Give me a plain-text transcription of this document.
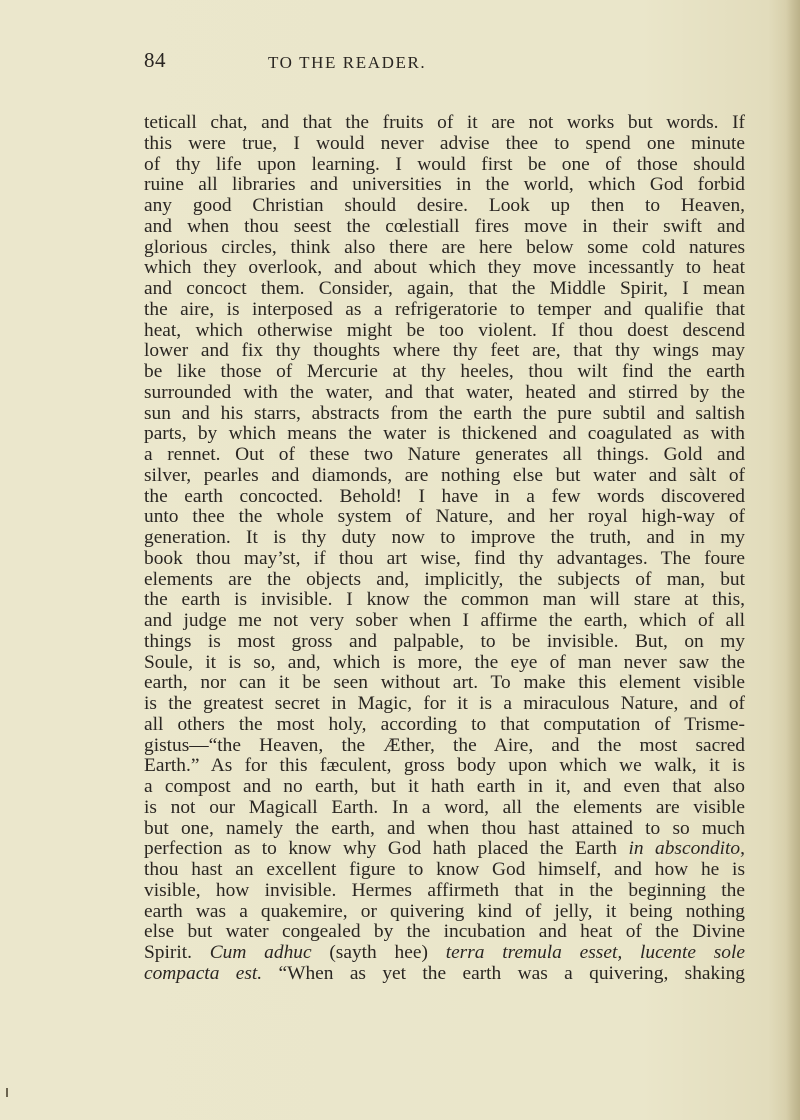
84	TO THE READER.
teticall chat, and that the fruits of it are not works but words. If
this were true, I would never advise thee to spend one minute
of thy life upon learning. I would first be one of those should
ruine all libraries and universities in the world, which God forbid
any good Christian should desire. Look up then to Heaven,
and when thou seest the cœlestiall fires move in their swift and
glorious circles, think also there are here below some cold natures
which they overlook, and about which they move incessantly to heat
and concoct them. Consider, again, that the Middle Spirit, I mean
the aire, is interposed as a refrigeratorie to temper and qualifie that
heat, which otherwise might be too violent. If thou doest descend
lower and fix thy thoughts where thy feet are, that thy wings may
be like those of Mercurie at thy heeles, thou wilt find the earth
surrounded with the water, and that water, heated and stirred by the
sun and his starrs, abstracts from the earth the pure subtil and saltish
parts, by which means the water is thickened and coagulated as with
a rennet. Out of these two Nature generates all things. Gold and
silver, pearles and diamonds, are nothing else but water and sàlt of
the earth concocted. Behold! I have in a few words discovered
unto thee the whole system of Nature, and her royal high-way of
generation. It is thy duty now to improve the truth, and in my
book thou may’st, if thou art wise, find thy advantages. The foure
elements are the objects and, implicitly, the subjects of man, but
the earth is invisible. I know the common man will stare at this,
and judge me not very sober when I affirme the earth, which of all
things is most gross and palpable, to be invisible. But, on my
Soule, it is so, and, which is more, the eye of man never saw the
earth, nor can it be seen without art. To make this element visible
is the greatest secret in Magic, for it is a miraculous Nature, and of
all others the most holy, according to that computation of Trisme-
gistus—“the Heaven, the Æther, the Aire, and the most sacred
Earth.” As for this fæculent, gross body upon which we walk, it is
a compost and no earth, but it hath earth in it, and even that also
is not our Magicall Earth. In a word, all the elements are visible
but one, namely the earth, and when thou hast attained to so much
perfection as to know why God hath placed the Earth in abscondito,
thou hast an excellent figure to know God himself, and how he is
visible, how invisible. Hermes affirmeth that in the beginning the
earth was a quakemire, or quivering kind of jelly, it being nothing
else but water congealed by the incubation and heat of the Divine
Spirit. Cum adhuc (sayth hee) terra tremula esset, lucente sole
compacta est. “When as yet the earth was a quivering, shaking
